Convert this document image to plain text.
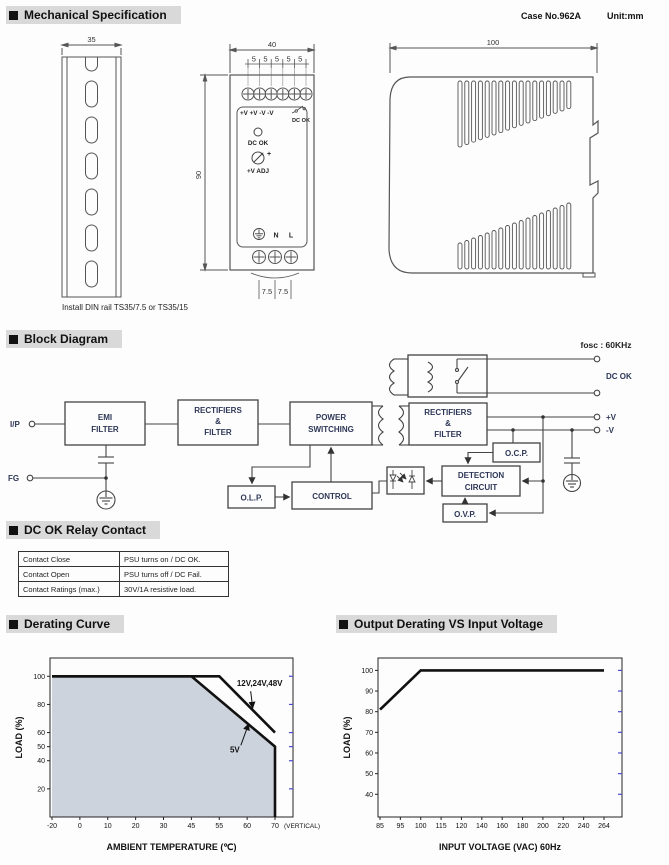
Mechanical Specification	Case No.962A	Unit:mm
35
Install DIN rail TS35/7.5 or TS35/15
40
5 5 5 5 5
+V +V -V -V
DC OK
DC OK
+
+V ADJ
N L
7.5 7.5
90
100
Block Diagram	fosc : 60KHz
I/P
FG
EMI
FILTER
RECTIFIERS
&
FILTER
POWER
SWITCHING
RECTIFIERS
&
FILTER
O.C.P.
DETECTION
CIRCUIT
O.V.P.
CONTROL
O.L.P.
DC OK
+V
-V
DC OK Relay Contact
Contact Close	PSU turns on / DC OK.
Contact Open	PSU turns off / DC Fail.
Contact Ratings (max.)	30V/1A resistive load.
Derating Curve	Output Derating VS Input Voltage
-20	0	10	20	30	45	55	60	70 (VERTICAL)
20
40
50
60
80
100
12V,24V,48V
5V
AMBIENT TEMPERATURE (℃)
LOAD (%)
85 95 100 115 120 140 160 180 200 220 240 264
40
50
60
70
80
90
100
INPUT VOLTAGE (VAC) 60Hz
LOAD (%)
